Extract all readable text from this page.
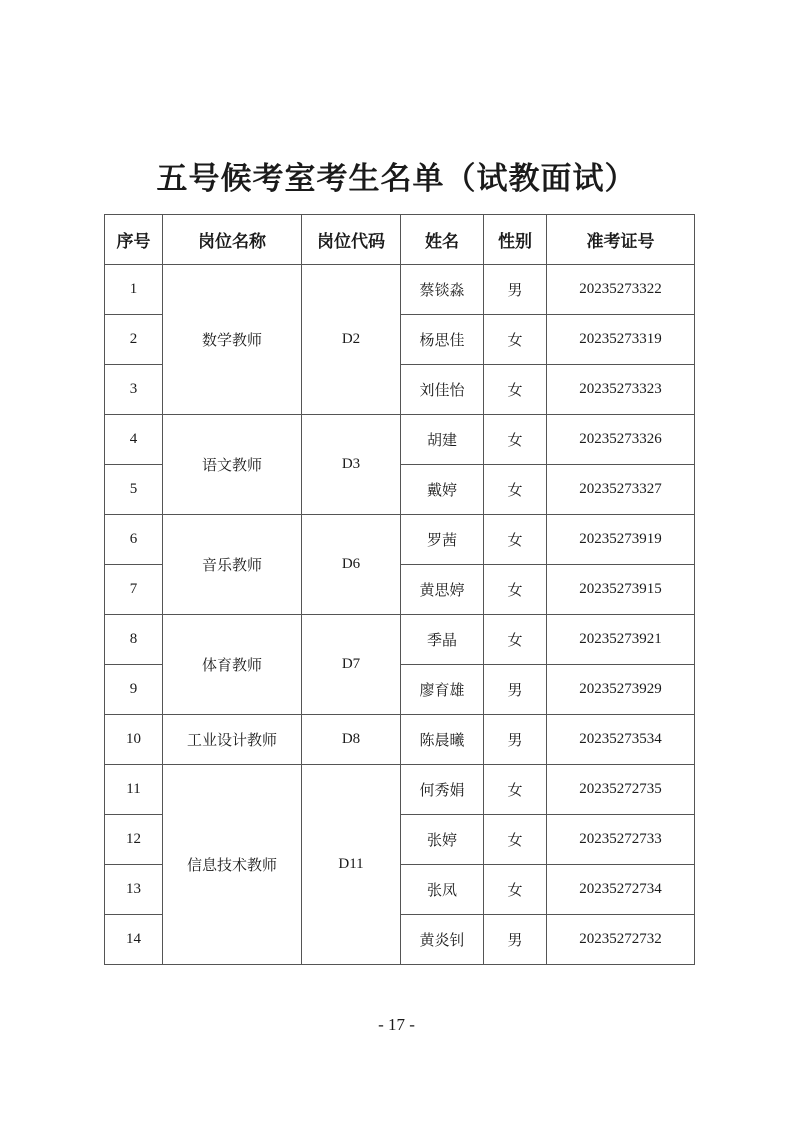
五号候考室考生名单（试教面试）
序号	岗位名称	岗位代码	姓名	性别	准考证号
1	数学教师	D2	蔡锬淼	男	20235273322
2			杨思佳	女	20235273319
3			刘佳怡	女	20235273323
4	语文教师	D3	胡建	女	20235273326
5			戴婷	女	20235273327
6	音乐教师	D6	罗茜	女	20235273919
7			黄思婷	女	20235273915
8	体育教师	D7	季晶	女	20235273921
9			廖育雄	男	20235273929
10	工业设计教师	D8	陈晨曦	男	20235273534
11	信息技术教师	D11	何秀娟	女	20235272735
12			张婷	女	20235272733
13			张凤	女	20235272734
14			黄炎钊	男	20235272732
- 17 -
